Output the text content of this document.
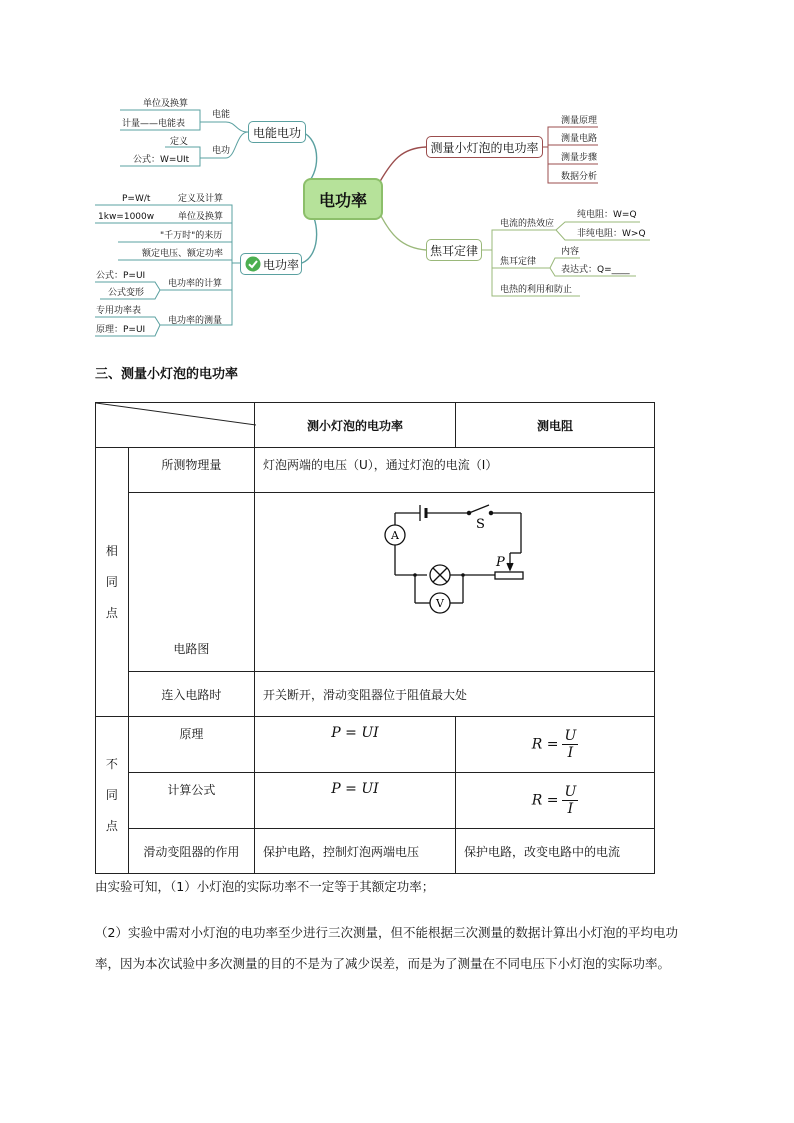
电功率
电能电功
电功率
测量小灯泡的电功率
焦耳定律
电能
单位及换算
计量——电能表
电功
定义
公式：W=UIt
定义及计算
P=W/t
单位及换算
1kw=1000w
"千万时"的来历
额定电压、额定功率
电功率的计算
公式：P=UI
公式变形
电功率的测量
专用功率表
原理：P=UI
测量原理
测量电路
测量步骤
数据分析
电流的热效应
纯电阻：W=Q
非纯电阻：W>Q
焦耳定律
内容
表达式：Q=____
电热的利用和防止
三、测量小灯泡的电功率
	测小灯泡的电功率	测电阻

相同点	所测物理量	灯泡两端的电压（U），通过灯泡的电流（I）	
	电路图	A
V
S
P	

	连入电路时	开关断开，滑动变阻器位于阻值最大处	

不同点	原理	P = UI	$R = \frac{U}{I}$

	计算公式	P = UI	$R = \frac{U}{I}$

	滑动变阻器的作用	保护电路，控制灯泡两端电压	保护电路，改变电路中的电流
由实验可知，（1）小灯泡的实际功率不一定等于其额定功率；
（2）实验中需对小灯泡的电功率至少进行三次测量，但不能根据三次测量的数据计算出小灯泡的平均电功率，因为本次试验中多次测量的目的不是为了减少误差，而是为了测量在不同电压下小灯泡的实际功率。
